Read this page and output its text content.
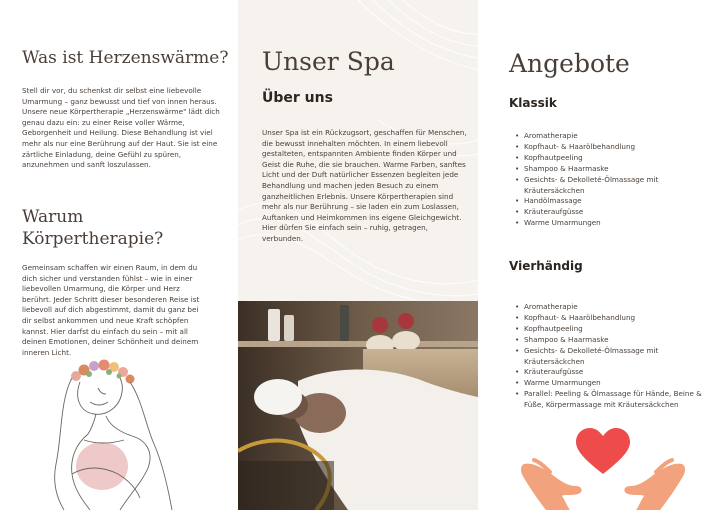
Was ist Herzenswärme?

Stell dir vor, du schenkst dir selbst eine liebevolle Umarmung – ganz bewusst und tief von innen heraus. Unsere neue Körpertherapie „Herzenswärme" lädt dich genau dazu ein: zu einer Reise voller Wärme, Geborgenheit und Heilung. Diese Behandlung ist viel mehr als nur eine Berührung auf der Haut. Sie ist eine zärtliche Einladung, deine Gefühl zu spüren, anzunehmen und sanft loszulassen.

Warum Körpertherapie?

Gemeinsam schaffen wir einen Raum, in dem du dich sicher und verstanden fühlst – wie in einer liebevollen Umarmung, die Körper und Herz berührt. Jeder Schritt dieser besonderen Reise ist liebevoll auf dich abgestimmt, damit du ganz bei dir selbst ankommen und neue Kraft schöpfen kannst. Hier darfst du einfach du sein – mit all deinen Emotionen, deiner Schönheit und deinem inneren Licht.

Unser Spa
Über uns

Unser Spa ist ein Rückzugsort, geschaffen für Menschen, die bewusst innehalten möchten. In einem liebevoll gestalteten, entspannten Ambiente finden Körper und Geist die Ruhe, die sie brauchen. Warme Farben, sanftes Licht und der Duft natürlicher Essenzen begleiten jede Behandlung und machen jeden Besuch zu einem ganzheitlichen Erlebnis. Unsere Körpertherapien sind mehr als nur Berührung – sie laden ein zum Loslassen, Auftanken und Heimkommen ins eigene Gleichgewicht. Hier dürfen Sie einfach sein – ruhig, getragen, verbunden.

Angebote
Klassik
• Aromatherapie
• Kopfhaut- & Haarölbehandlung
• Kopfhautpeeling
• Shampoo & Haarmaske
• Gesichts- & Dekolleté-Ölmassage mit Kräutersäckchen
• Handölmassage
• Kräuteraufgüsse
• Warme Umarmungen
Vierhändig
• Aromatherapie
• Kopfhaut- & Haarölbehandlung
• Kopfhautpeeling
• Shampoo & Haarmaske
• Gesichts- & Dekolleté-Ölmassage mit Kräutersäckchen
• Kräuteraufgüsse
• Warme Umarmungen
• Parallel: Peeling & Ölmassage für Hände, Beine & Füße, Körpermassage mit Kräutersäckchen
